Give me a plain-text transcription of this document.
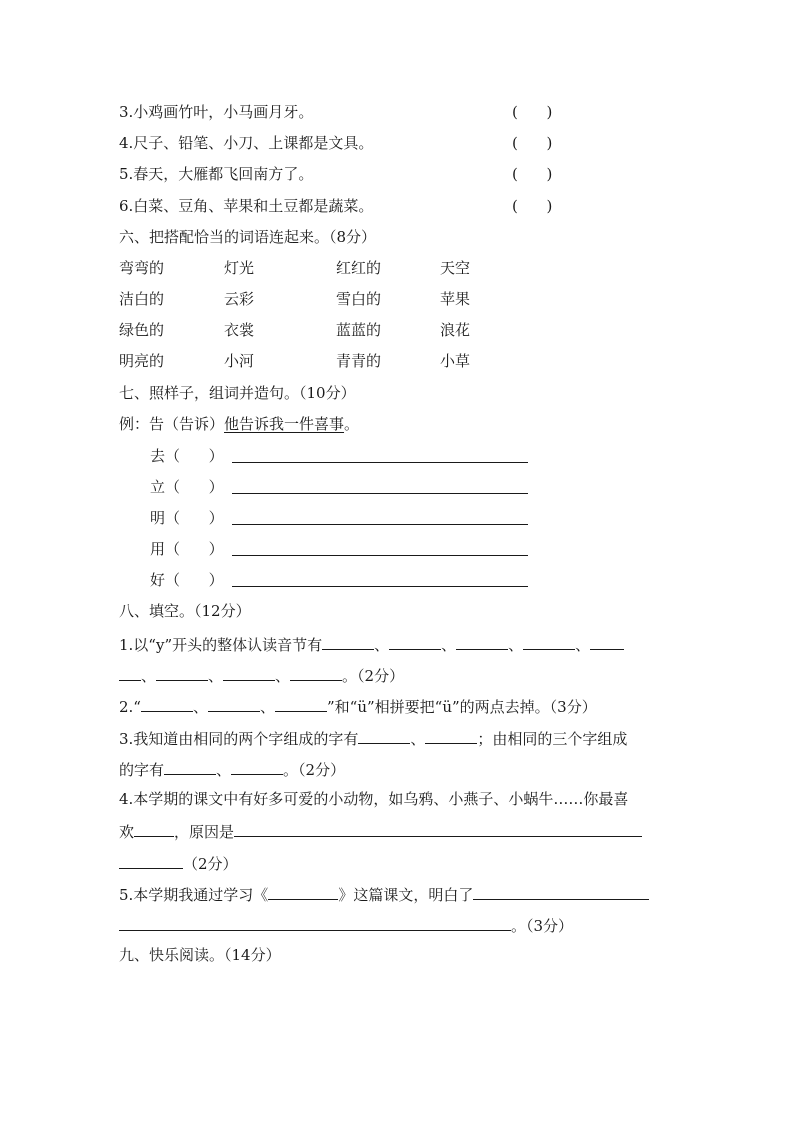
3.小鸡画竹叶，小马画月牙。	(      )
4.尺子、铅笔、小刀、上课都是文具。	(      )
5.春天，大雁都飞回南方了。	(      )
6.白菜、豆角、苹果和土豆都是蔬菜。	(      )
六、把搭配恰当的词语连起来。（8分）
弯弯的	灯光	红红的	天空
洁白的	云彩	雪白的	苹果
绿色的	衣裳	蓝蓝的	浪花
明亮的	小河	青青的	小草
七、照样子，组词并造句。（10分）
例：告（告诉）他告诉我一件喜事。
去（      ）
立（      ）
明（      ）
用（      ）
好（      ）
八、填空。（12分）
1.以“y”开头的整体认读音节有	、	、	、	、
、	、	、	。（2分）
2.“	、	、	”和“ü”相拼要把“ü”的两点去掉。（3分）
3.我知道由相同的两个字组成的字有	、	；由相同的三个字组成
的字有	、	。（2分）
4.本学期的课文中有好多可爱的小动物，如乌鸦、小燕子、小蜗牛……你最喜
欢	，原因是
（2分）
5.本学期我通过学习《	》这篇课文，明白了
。（3分）
九、快乐阅读。（14分）
